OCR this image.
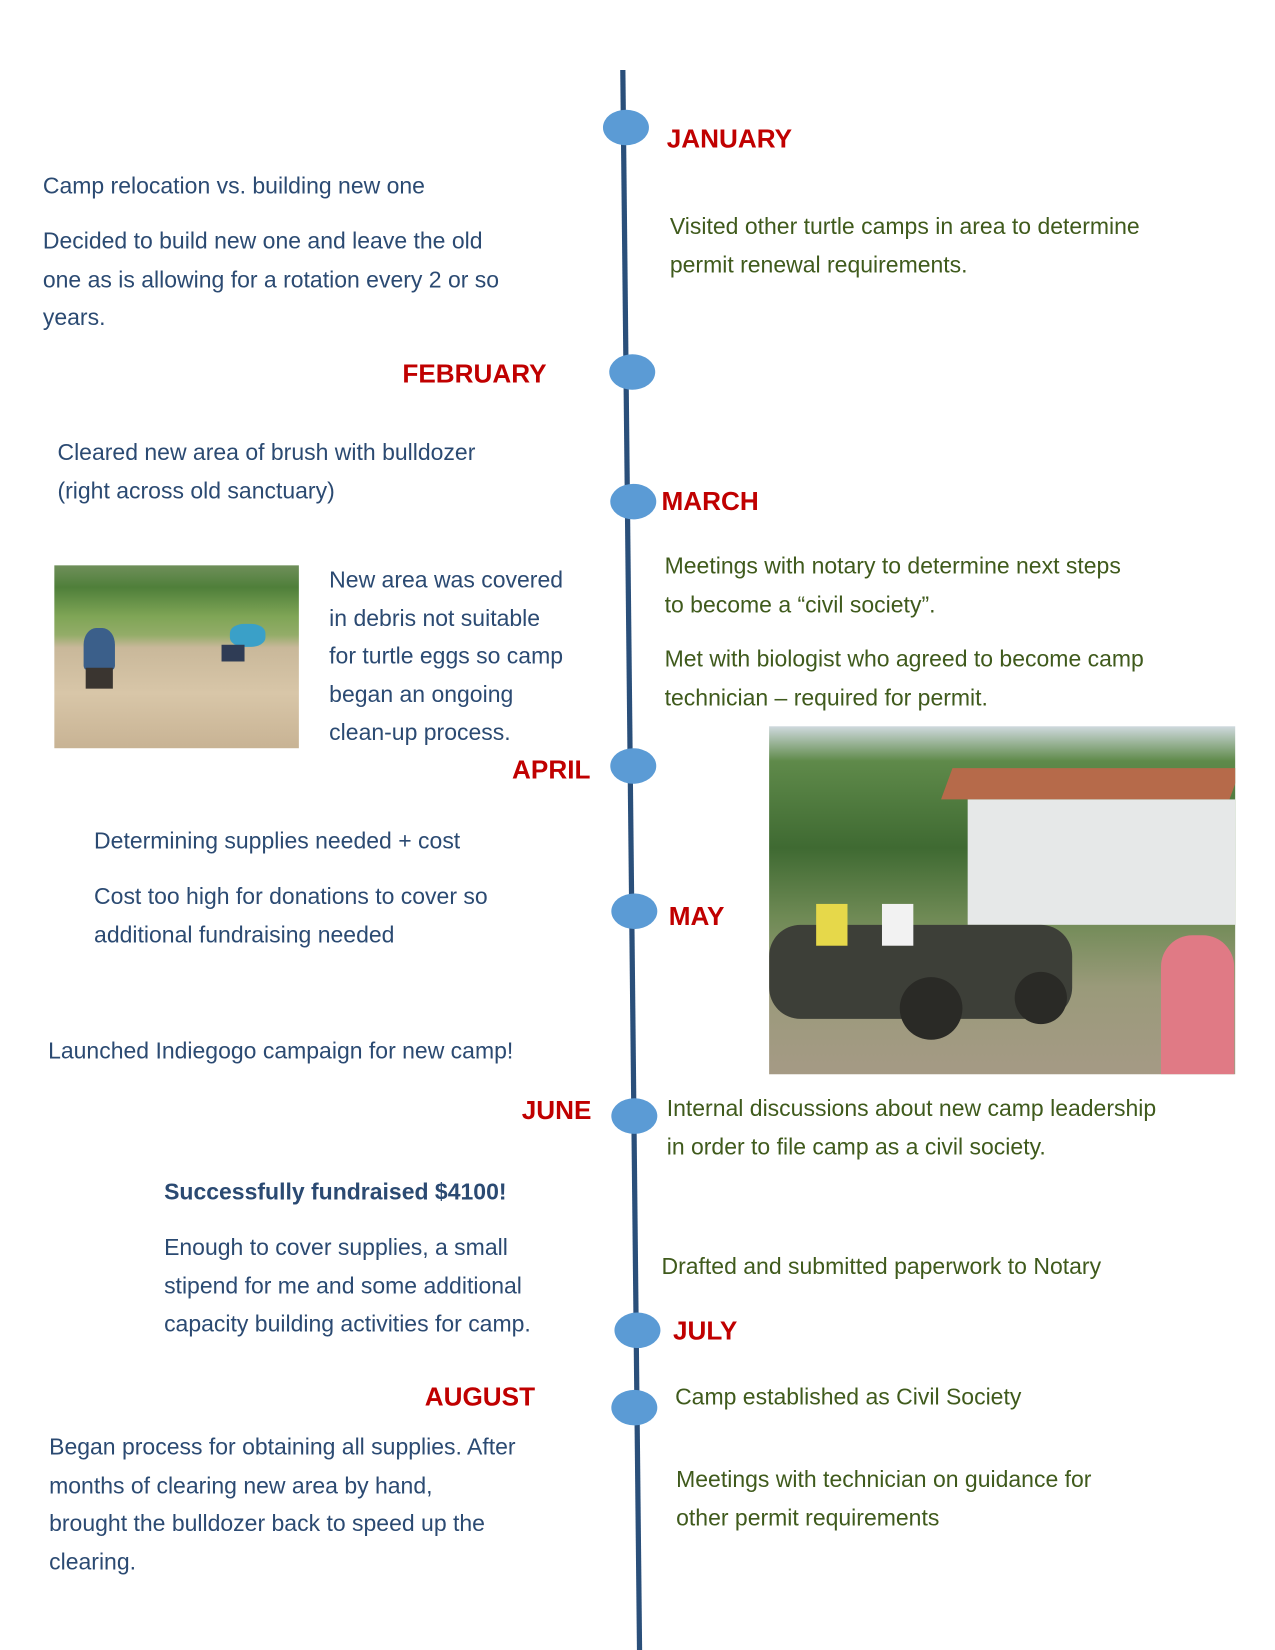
JANUARY
FEBRUARY
MARCH
APRIL
MAY
JUNE
JULY
AUGUST
Camp relocation vs. building new one
Decided to build new one and leave the old
one as is allowing for a rotation every 2 or so
years.
Cleared new area of brush with bulldozer
(right across old sanctuary)
New area was covered
in debris not suitable
for turtle eggs so camp
began an ongoing
clean-up process.
Determining supplies needed + cost
Cost too high for donations to cover so
additional fundraising needed
Launched Indiegogo campaign for new camp!
Successfully fundraised $4100!
Enough to cover supplies, a small
stipend for me and some additional
capacity building activities for camp.
Began process for obtaining all supplies. After
months of clearing new area by hand,
brought the bulldozer back to speed up the
clearing.
Visited other turtle camps in area to determine
permit renewal requirements.
Meetings with notary to determine next steps
to become a “civil society”.
Met with biologist who agreed to become camp
technician – required for permit.
Internal discussions about new camp leadership
in order to file camp as a civil society.
Drafted and submitted paperwork to Notary
Camp established as Civil Society
Meetings with technician on guidance for
other permit requirements
